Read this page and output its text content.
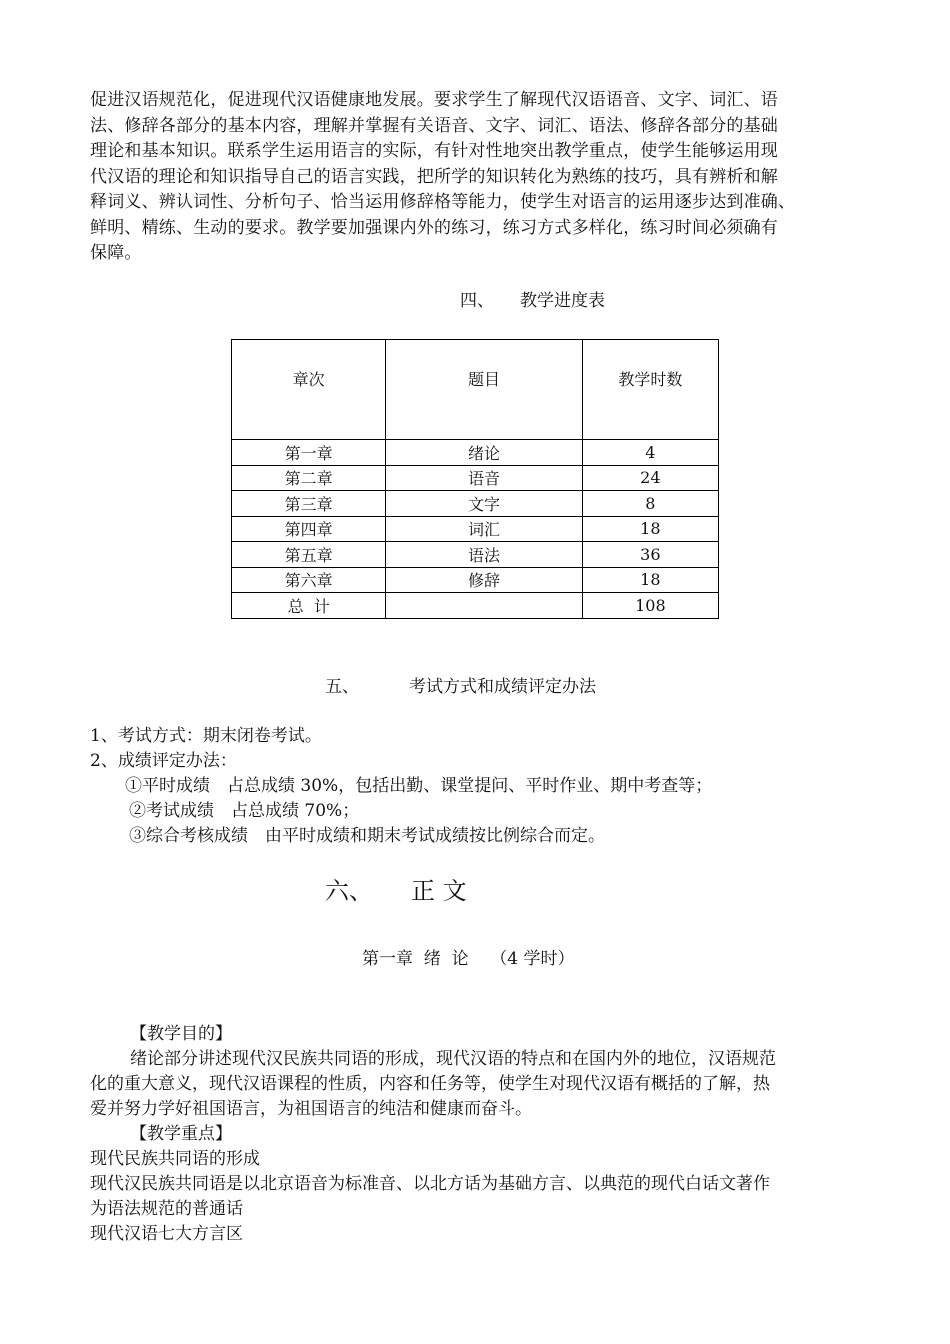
促进汉语规范化，促进现代汉语健康地发展。要求学生了解现代汉语语音、文字、词汇、语
法、修辞各部分的基本内容，理解并掌握有关语音、文字、词汇、语法、修辞各部分的基础
理论和基本知识。联系学生运用语言的实际，有针对性地突出教学重点，使学生能够运用现
代汉语的理论和知识指导自己的语言实践，把所学的知识转化为熟练的技巧，具有辨析和解
释词义、辨认词性、分析句子、恰当运用修辞格等能力，使学生对语言的运用逐步达到准确、
鲜明、精练、生动的要求。教学要加强课内外的练习，练习方式多样化，练习时间必须确有
保障。
四、 教学进度表
章次	题目	教学时数
第一章	绪论	4
第二章	语音	24
第三章	文字	8
第四章	词汇	18
第五章	语法	36
第六章	修辞	18
总  计		108
五、	考试方式和成绩评定办法
1、考试方式：期末闭卷考试。
2、成绩评定办法：
①平时成绩　占总成绩 30%，包括出勤、课堂提问、平时作业、期中考查等；
②考试成绩　占总成绩 70%；
③综合考核成绩　由平时成绩和期末考试成绩按比例综合而定。
六、 正 文
第一章  绪  论    （4 学时）
【教学目的】
绪论部分讲述现代汉民族共同语的形成，现代汉语的特点和在国内外的地位，汉语规范
化的重大意义，现代汉语课程的性质，内容和任务等，使学生对现代汉语有概括的了解，热
爱并努力学好祖国语言，为祖国语言的纯洁和健康而奋斗。
【教学重点】
现代民族共同语的形成
现代汉民族共同语是以北京语音为标准音、以北方话为基础方言、以典范的现代白话文著作
为语法规范的普通话
现代汉语七大方言区
